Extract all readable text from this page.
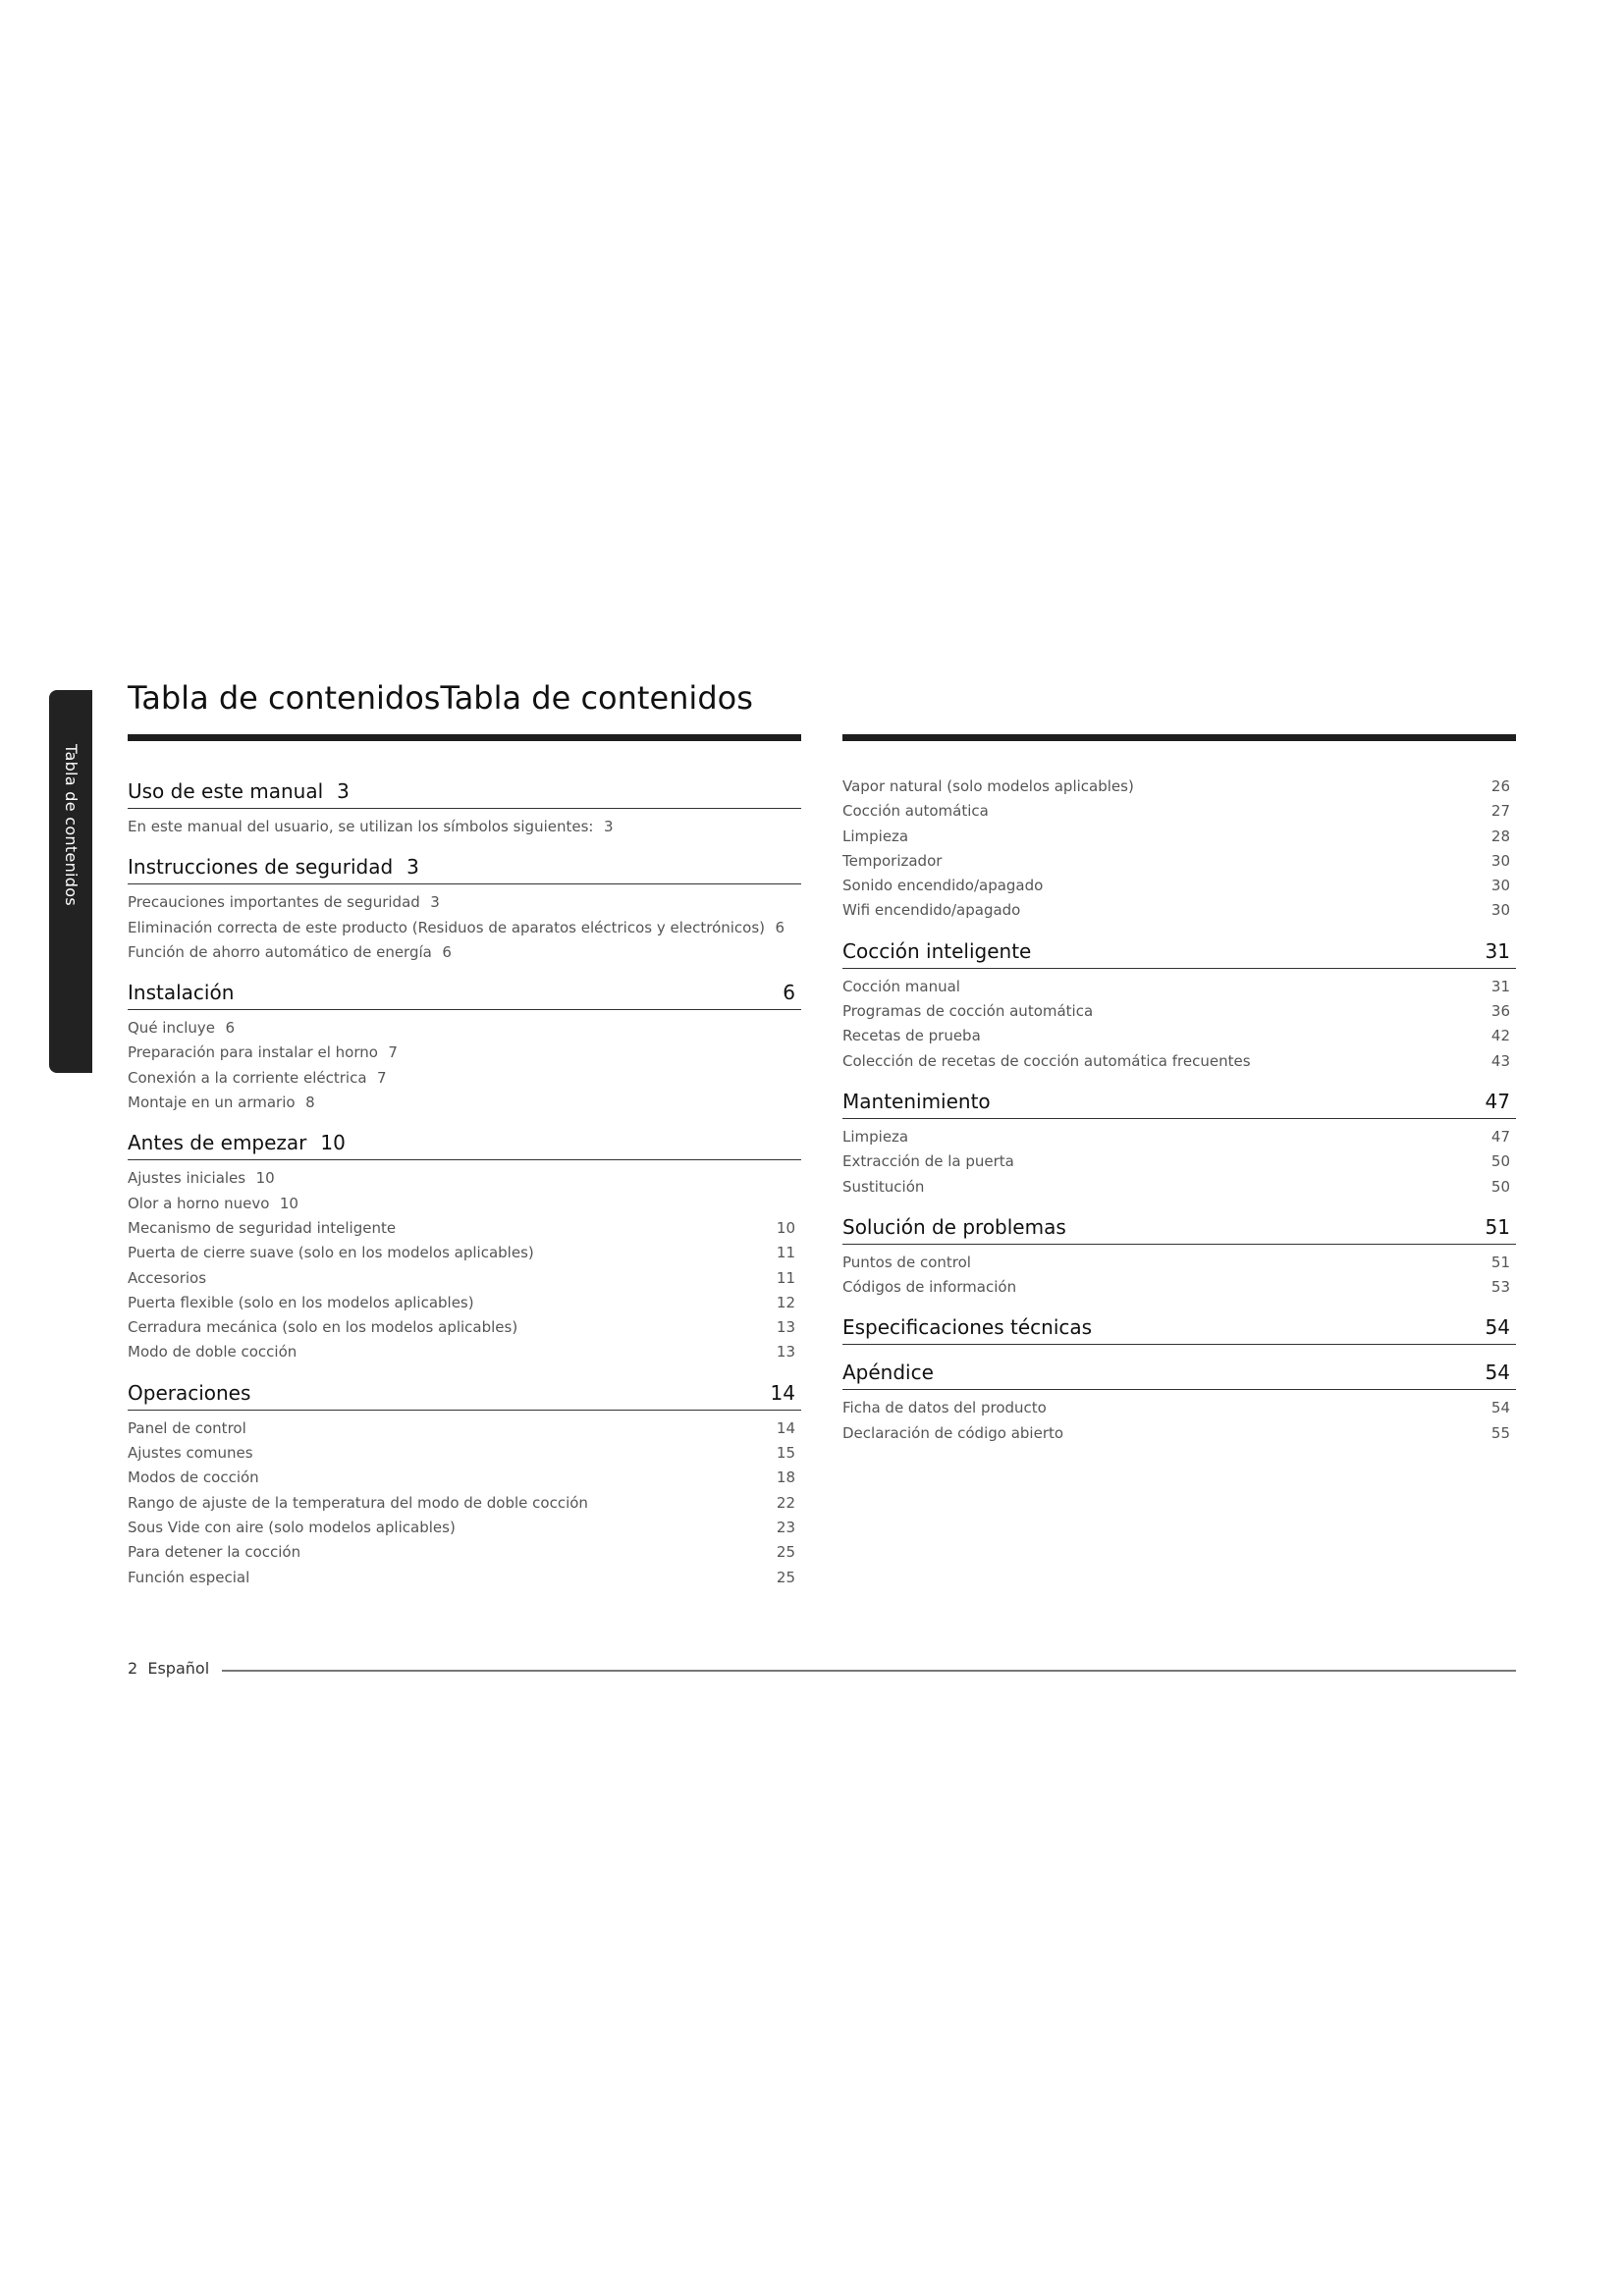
Tabla de contenidos
Tabla de contenidosTabla de contenidos
Uso de este manual 3
En este manual del usuario, se utilizan los símbolos siguientes: 3
Instrucciones de seguridad 3
Precauciones importantes de seguridad 3
Eliminación correcta de este producto (Residuos de aparatos eléctricos y electrónicos) 6
Función de ahorro automático de energía 6
Instalación	6
Qué incluye 6
Preparación para instalar el horno 7
Conexión a la corriente eléctrica 7
Montaje en un armario 8
Antes de empezar 10
Ajustes iniciales 10
Olor a horno nuevo 10
Mecanismo de seguridad inteligente	10
Puerta de cierre suave (solo en los modelos aplicables)	11
Accesorios	11
Puerta flexible (solo en los modelos aplicables)	12
Cerradura mecánica (solo en los modelos aplicables)	13
Modo de doble cocción	13
Operaciones	14
Panel de control	14
Ajustes comunes	15
Modos de cocción	18
Rango de ajuste de la temperatura del modo de doble cocción	22
Sous Vide con aire (solo modelos aplicables)	23
Para detener la cocción	25
Función especial	25
Vapor natural (solo modelos aplicables)	26
Cocción automática	27
Limpieza	28
Temporizador	30
Sonido encendido/apagado	30
Wifi encendido/apagado	30
Cocción inteligente	31
Cocción manual	31
Programas de cocción automática	36
Recetas de prueba	42
Colección de recetas de cocción automática frecuentes	43
Mantenimiento	47
Limpieza	47
Extracción de la puerta	50
Sustitución	50
Solución de problemas	51
Puntos de control	51
Códigos de información	53
Especificaciones técnicas	54
Apéndice	54
Ficha de datos del producto	54
Declaración de código abierto	55
2 Español
